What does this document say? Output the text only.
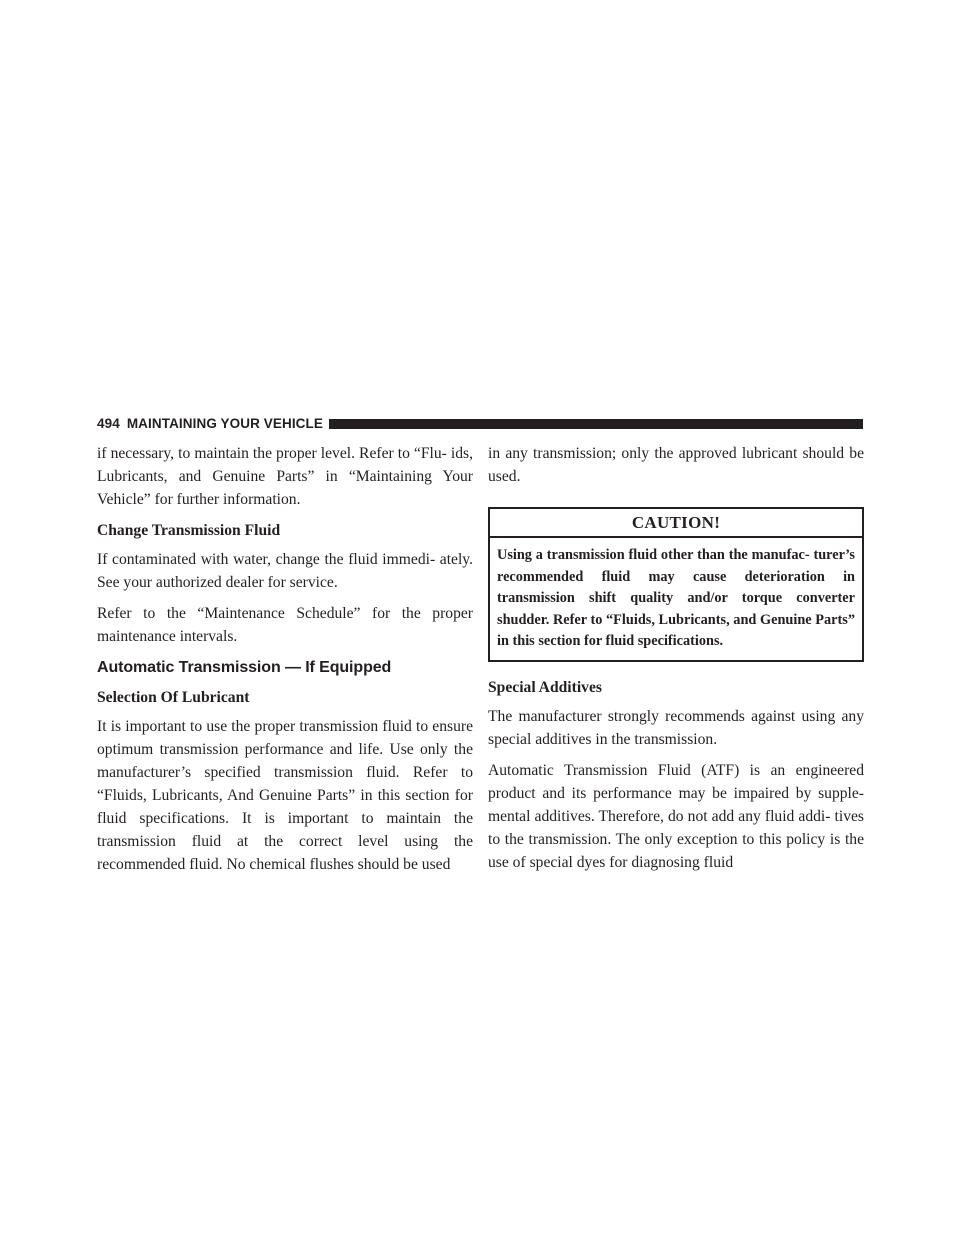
494 MAINTAINING YOUR VEHICLE

if necessary, to maintain the proper level. Refer to “Flu- ids, Lubricants, and Genuine Parts” in “Maintaining Your Vehicle” for further information.

Change Transmission Fluid

If contaminated with water, change the fluid immedi- ately. See your authorized dealer for service.

Refer to the “Maintenance Schedule” for the proper maintenance intervals.

Automatic Transmission — If Equipped
Selection Of Lubricant

It is important to use the proper transmission fluid to ensure optimum transmission performance and life. Use only the manufacturer’s specified transmission fluid. Refer to “Fluids, Lubricants, And Genuine Parts” in this section for fluid specifications. It is important to maintain the transmission fluid at the correct level using the recommended fluid. No chemical flushes should be used

in any transmission; only the approved lubricant should be used.

CAUTION!
Using a transmission fluid other than the manufac- turer’s recommended fluid may cause deterioration in transmission shift quality and/or torque converter shudder. Refer to “Fluids, Lubricants, and Genuine Parts” in this section for fluid specifications.
Special Additives

The manufacturer strongly recommends against using any special additives in the transmission.

Automatic Transmission Fluid (ATF) is an engineered product and its performance may be impaired by supple- mental additives. Therefore, do not add any fluid addi- tives to the transmission. The only exception to this policy is the use of special dyes for diagnosing fluid
